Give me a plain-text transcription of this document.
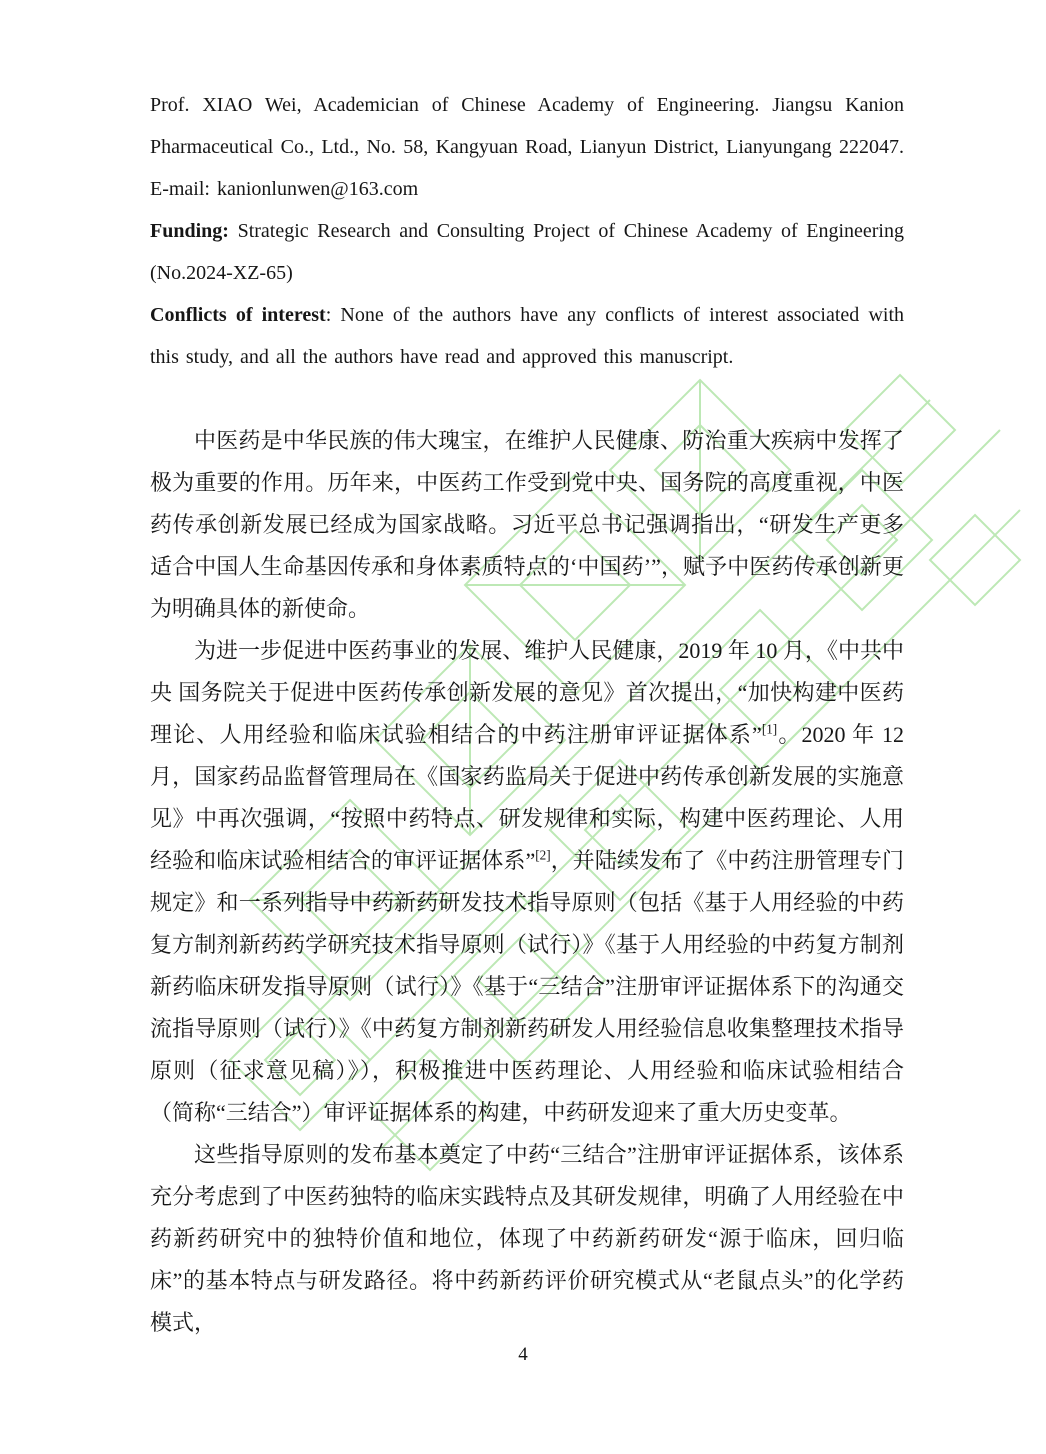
Prof. XIAO Wei, Academician of Chinese Academy of Engineering. Jiangsu Kanion Pharmaceutical Co., Ltd., No. 58, Kangyuan Road, Lianyun District, Lianyungang 222047. E-mail: kanionlunwen@163.com

Funding: Strategic Research and Consulting Project of Chinese Academy of Engineering (No.2024-XZ-65)

Conflicts of interest: None of the authors have any conflicts of interest associated with this study, and all the authors have read and approved this manuscript.

中医药是中华民族的伟大瑰宝，在维护人民健康、防治重大疾病中发挥了极为重要的作用。历年来，中医药工作受到党中央、国务院的高度重视，中医药传承创新发展已经成为国家战略。习近平总书记强调指出，“研发生产更多适合中国人生命基因传承和身体素质特点的‘中国药’”，赋予中医药传承创新更为明确具体的新使命。

为进一步促进中医药事业的发展、维护人民健康，2019 年 10 月，《中共中央 国务院关于促进中医药传承创新发展的意见》首次提出，“加快构建中医药理论、人用经验和临床试验相结合的中药注册审评证据体系”[1]。2020 年 12 月，国家药品监督管理局在《国家药监局关于促进中药传承创新发展的实施意见》中再次强调，“按照中药特点、研发规律和实际，构建中医药理论、人用经验和临床试验相结合的审评证据体系”[2]，并陆续发布了《中药注册管理专门规定》和一系列指导中药新药研发技术指导原则（包括《基于人用经验的中药复方制剂新药药学研究技术指导原则（试行）》《基于人用经验的中药复方制剂新药临床研发指导原则（试行）》《基于“三结合”注册审评证据体系下的沟通交流指导原则（试行）》《中药复方制剂新药研发人用经验信息收集整理技术指导原则（征求意见稿）》），积极推进中医药理论、人用经验和临床试验相结合（简称“三结合”）审评证据体系的构建，中药研发迎来了重大历史变革。

这些指导原则的发布基本奠定了中药“三结合”注册审评证据体系，该体系充分考虑到了中医药独特的临床实践特点及其研发规律，明确了人用经验在中药新药研究中的独特价值和地位，体现了中药新药研发“源于临床，回归临床”的基本特点与研发路径。将中药新药评价研究模式从“老鼠点头”的化学药模式，

4
